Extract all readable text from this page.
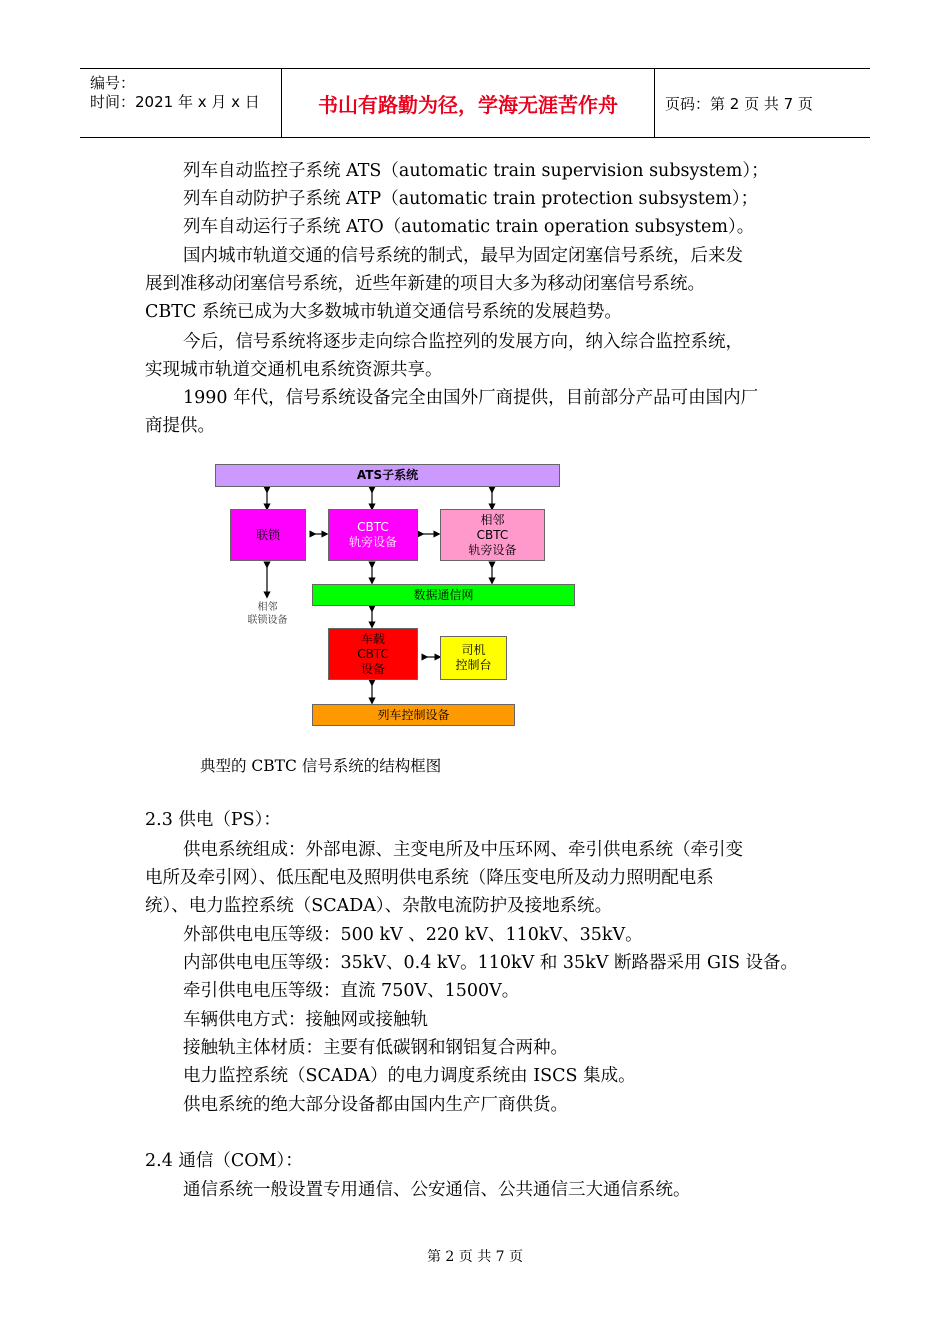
编号：
时间：2021 年 x 月 x 日	书山有路勤为径，学海无涯苦作舟	页码：第 2 页 共 7 页

列车自动监控子系统 ATS（automatic train supervision subsystem）；

列车自动防护子系统 ATP（automatic train protection subsystem）；

列车自动运行子系统 ATO（automatic train operation subsystem）。

国内城市轨道交通的信号系统的制式，最早为固定闭塞信号系统，后来发

展到准移动闭塞信号系统，近些年新建的项目大多为移动闭塞信号系统。

CBTC 系统已成为大多数城市轨道交通信号系统的发展趋势。

今后，信号系统将逐步走向综合监控列的发展方向，纳入综合监控系统，

实现城市轨道交通机电系统资源共享。

1990 年代，信号系统设备完全由国外厂商提供，目前部分产品可由国内厂

商提供。

ATS子系统
联锁
CBTC
轨旁设备
相邻
CBTC
轨旁设备
相邻
联锁设备
数据通信网
车载
CBTC
设备
司机
控制台
列车控制设备
典型的 CBTC 信号系统的结构框图

2.3 供电（PS）：

供电系统组成：外部电源、主变电所及中压环网、牵引供电系统（牵引变

电所及牵引网）、低压配电及照明供电系统（降压变电所及动力照明配电系

统）、电力监控系统（SCADA）、杂散电流防护及接地系统。

外部供电电压等级：500 kV 、220 kV、110kV、35kV。

内部供电电压等级：35kV、0.4 kV。110kV 和 35kV 断路器采用 GIS 设备。

牵引供电电压等级：直流 750V、1500V。

车辆供电方式：接触网或接触轨

接触轨主体材质：主要有低碳钢和钢铝复合两种。

电力监控系统（SCADA）的电力调度系统由 ISCS 集成。

供电系统的绝大部分设备都由国内生产厂商供货。

2.4 通信（COM）：

通信系统一般设置专用通信、公安通信、公共通信三大通信系统。

第 2 页 共 7 页
